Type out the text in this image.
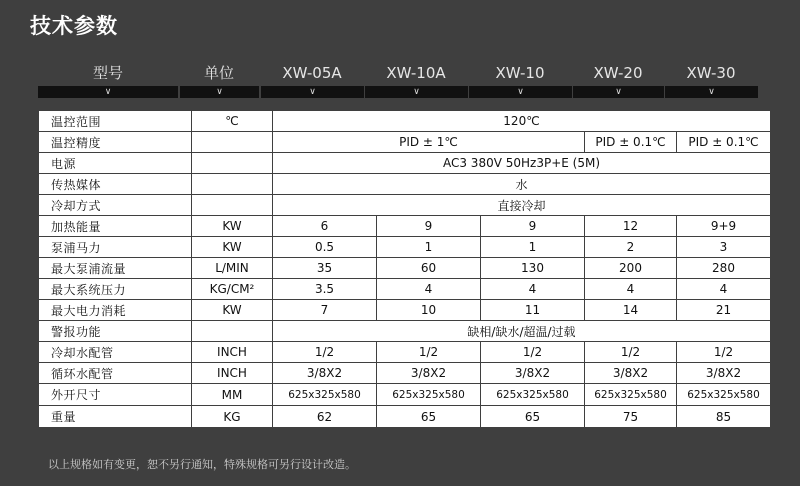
技术参数
型号	单位	XW-05A	XW-10A	XW-10	XW-20	XW-30
∨	∨	∨	∨	∨	∨	∨
温控范围	℃	120℃				
温控精度		PID ± 1℃			PID ± 0.1℃	PID ± 0.1℃
电源		AC3 380V 50Hz3P+E (5M)				
传热媒体		水				
冷却方式		直接冷却				
加热能量	KW	6	9	9	12	9+9
泵浦马力	KW	0.5	1	1	2	3
最大泵浦流量	L/MIN	35	60	130	200	280
最大系统压力	KG/CM²	3.5	4	4	4	4
最大电力消耗	KW	7	10	11	14	21
警报功能		缺相/缺水/超温/过载				
冷却水配管	INCH	1/2	1/2	1/2	1/2	1/2
循环水配管	INCH	3/8X2	3/8X2	3/8X2	3/8X2	3/8X2
外开尺寸	MM	625x325x580	625x325x580	625x325x580	625x325x580	625x325x580
重量	KG	62	65	65	75	85
以上规格如有变更，恕不另行通知，特殊规格可另行设计改造。
